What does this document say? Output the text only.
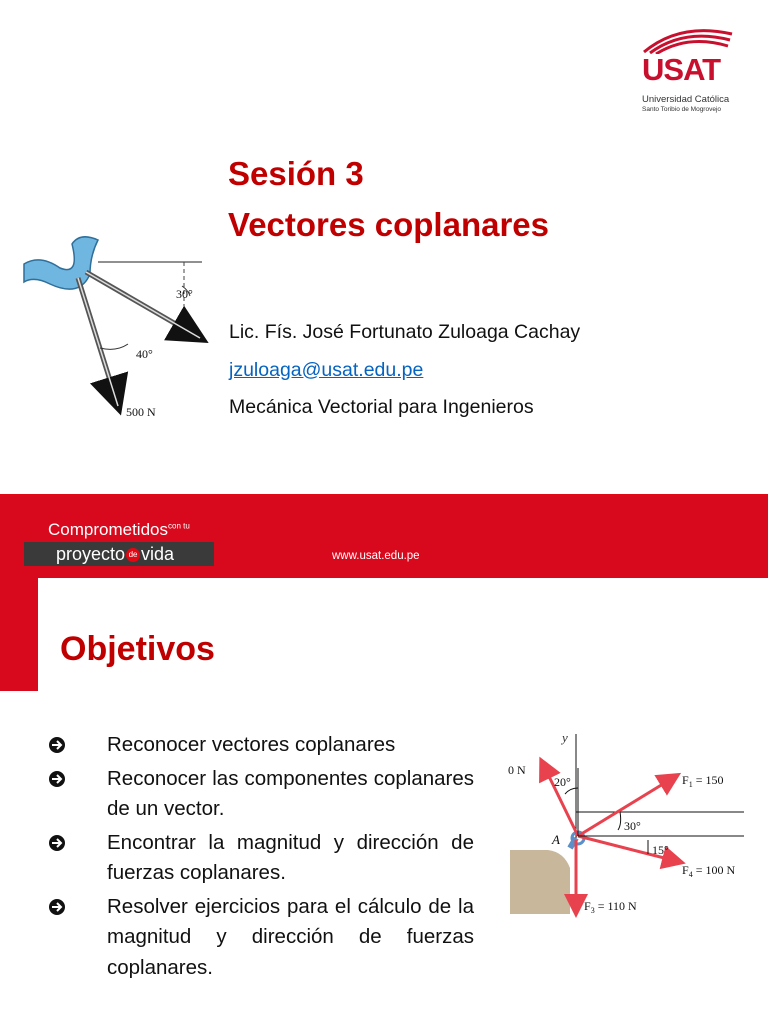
USAT
Universidad Católica
Santo Toribio de Mogrovejo
Sesión 3
Vectores coplanares
Lic. Fís. José Fortunato Zuloaga Cachay
jzuloaga@usat.edu.pe
Mecánica Vectorial para Ingenieros
30°
40°
500 N
Comprometidos$^{con tu}$
proyecto de vida	www.usat.edu.pe
Objetivos
Reconocer vectores coplanares
Reconocer las componentes coplanares de un vector.
Encontrar la magnitud y dirección de fuerzas coplanares.
Resolver ejercicios para el cálculo de la magnitud y dirección de fuerzas coplanares.
y
A
0 N
20°	$F_1 = 150$
30°
15°
$F_4 = 100$ N
$F_3 = 110$ N
